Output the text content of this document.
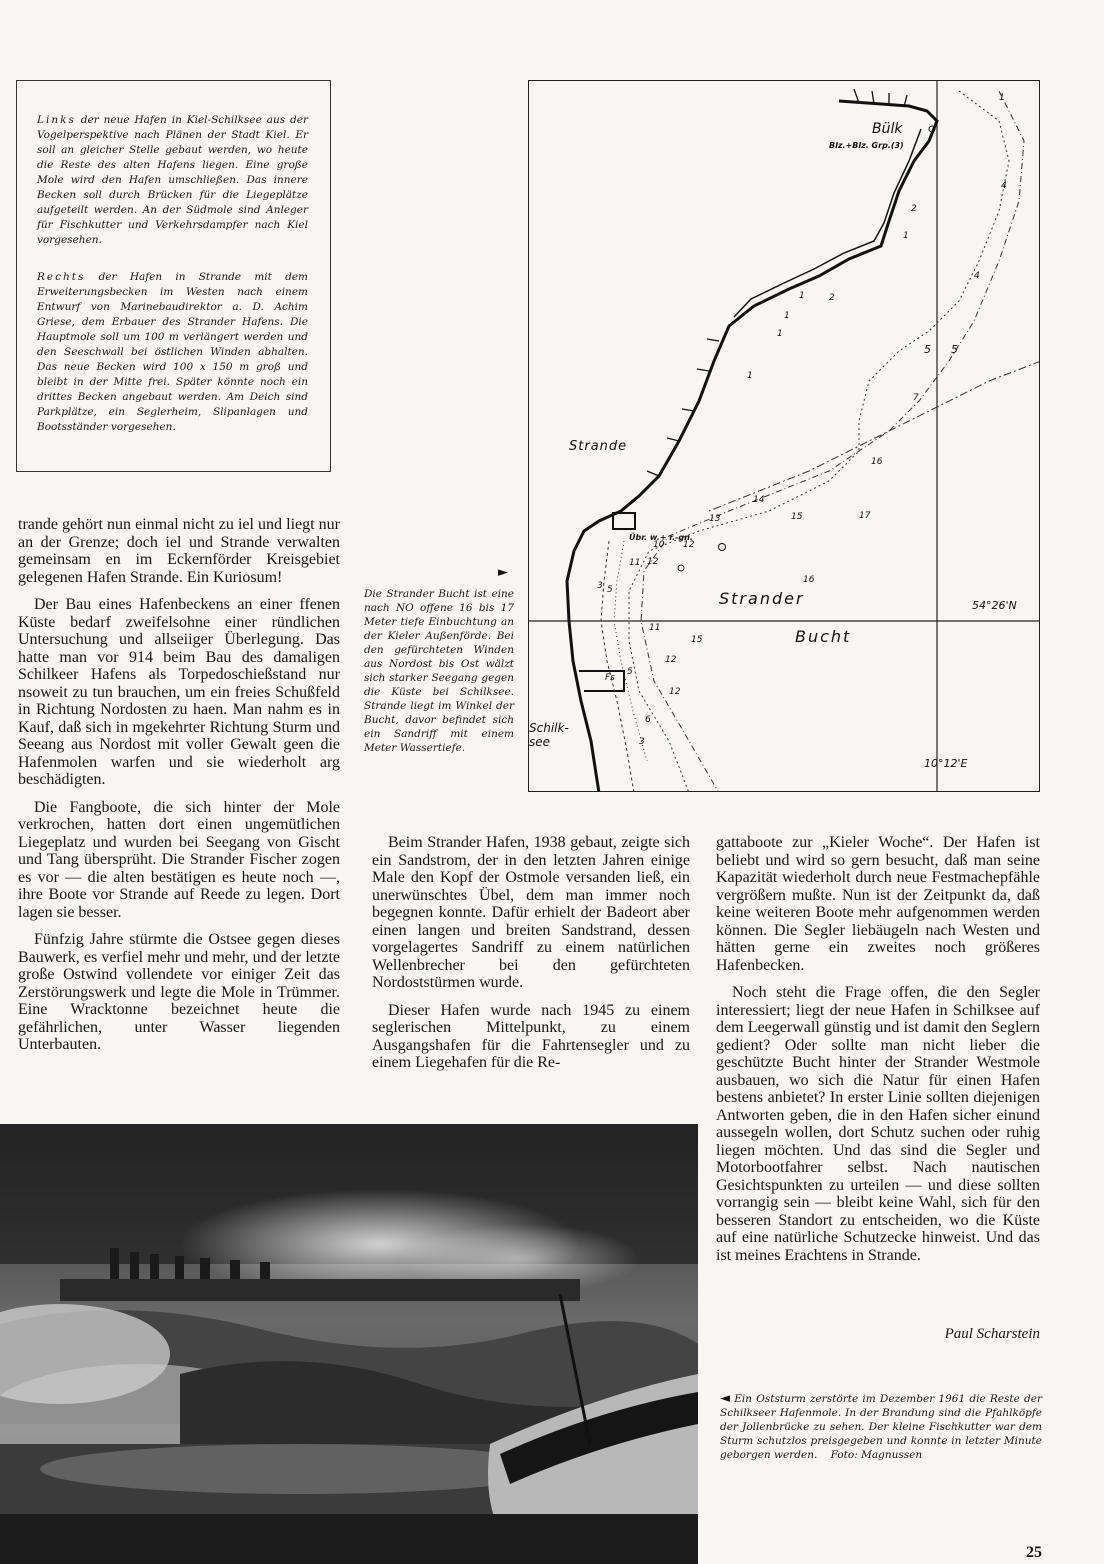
Links der neue Hafen in Kiel-Schilksee aus der Vogelperspektive nach Plänen der Stadt Kiel. Er soll an gleicher Stelle gebaut werden, wo heute die Reste des alten Hafens liegen. Eine große Mole wird den Hafen umschließen. Das innere Becken soll durch Brücken für die Liegeplätze aufgeteilt werden. An der Südmole sind Anleger für Fischkutter und Verkehrsdampfer nach Kiel vorgesehen.

Rechts der Hafen in Strande mit dem Erweiterungsbecken im Westen nach einem Entwurf von Marinebaudirektor a. D. Achim Griese, dem Erbauer des Strander Hafens. Die Hauptmole soll um 100 m verlängert werden und den Seeschwall bei östlichen Winden abhalten. Das neue Becken wird 100 x 150 m groß und bleibt in der Mitte frei. Später könnte noch ein drittes Becken angebaut werden. Am Deich sind Parkplätze, ein Seglerheim, Slipanlagen und Bootsständer vorgesehen.

Bülk
Blz.+Blz. Grp.(3)
Strande
Strander
Bucht
Schilk-
see
54°26'N
10°12'E
Übr. w.+ r.-gn.
Fs
1
4
4
2
1
2
1
1
1
5 5
1
7
16
14
17
13	15
10 12
11 12
16
3 5
11
15
12
12
5
6
3
►
Die Strander Bucht ist eine nach NO offene 16 bis 17 Meter tiefe Einbuchtung an der Kieler Außenförde. Bei den gefürchteten Winden aus Nordost bis Ost wälzt sich starker Seegang gegen die Küste bei Schilksee. Strande liegt im Winkel der Bucht, davor befindet sich ein Sandriff mit einem Meter Wassertiefe.

trande gehört nun einmal nicht zu iel und liegt nur an der Grenze; doch iel und Strande verwalten gemeinsam en im Eckernförder Kreisgebiet gelegenen Hafen Strande. Ein Kuriosum!

Der Bau eines Hafenbeckens an einer ffenen Küste bedarf zweifelsohne einer ründlichen Untersuchung und allseiiger Überlegung. Das hatte man vor 914 beim Bau des damaligen Schilkeer Hafens als Torpedoschießstand nur nsoweit zu tun brauchen, um ein freies Schußfeld in Richtung Nordosten zu haen. Man nahm es in Kauf, daß sich in mgekehrter Richtung Sturm und Seeang aus Nordost mit voller Gewalt geen die Hafenmolen warfen und sie wiederholt arg beschädigten.

Die Fangboote, die sich hinter der Mole verkrochen, hatten dort einen ungemütlichen Liegeplatz und wurden bei Seegang von Gischt und Tang übersprüht. Die Strander Fischer zogen es vor — die alten bestätigen es heute noch —, ihre Boote vor Strande auf Reede zu legen. Dort lagen sie besser.

Fünfzig Jahre stürmte die Ostsee gegen dieses Bauwerk, es verfiel mehr und mehr, und der letzte große Ostwind vollendete vor einiger Zeit das Zerstörungswerk und legte die Mole in Trümmer. Eine Wracktonne bezeichnet heute die gefährlichen, unter Wasser liegenden Unterbauten.

Beim Strander Hafen, 1938 gebaut, zeigte sich ein Sandstrom, der in den letzten Jahren einige Male den Kopf der Ostmole versanden ließ, ein unerwünschtes Übel, dem man immer noch begegnen konnte. Dafür erhielt der Badeort aber einen langen und breiten Sandstrand, dessen vorgelagertes Sandriff zu einem natürlichen Wellenbrecher bei den gefürchteten Nordoststürmen wurde.

Dieser Hafen wurde nach 1945 zu einem seglerischen Mittelpunkt, zu einem Ausgangshafen für die Fahrtensegler und zu einem Liegehafen für die Re-

gattaboote zur „Kieler Woche“. Der Hafen ist beliebt und wird so gern besucht, daß man seine Kapazität wiederholt durch neue Festmachepfähle vergrößern mußte. Nun ist der Zeitpunkt da, daß keine weiteren Boote mehr aufgenommen werden können. Die Segler liebäugeln nach Westen und hätten gerne ein zweites noch größeres Hafenbecken.

Noch steht die Frage offen, die den Segler interessiert; liegt der neue Hafen in Schilksee auf dem Leegerwall günstig und ist damit den Seglern gedient? Oder sollte man nicht lieber die geschützte Bucht hinter der Strander Westmole ausbauen, wo sich die Natur für einen Hafen bestens anbietet? In erster Linie sollten diejenigen Antworten geben, die in den Hafen sicher einund aussegeln wollen, dort Schutz suchen oder ruhig liegen möchten. Und das sind die Segler und Motorbootfahrer selbst. Nach nautischen Gesichtspunkten zu urteilen — und diese sollten vorrangig sein — bleibt keine Wahl, sich für den besseren Standort zu entscheiden, wo die Küste auf eine natürliche Schutzecke hinweist. Und das ist meines Erachtens in Strande.

Paul Scharstein
◄ Ein Oststurm zerstörte im Dezember 1961 die Reste der Schilkseer Hafenmole. In der Brandung sind die Pfahlköpfe der Jollenbrücke zu sehen. Der kleine Fischkutter war dem Sturm schutzlos preisgegeben und konnte in letzter Minute geborgen werden. Foto: Magnussen
25
